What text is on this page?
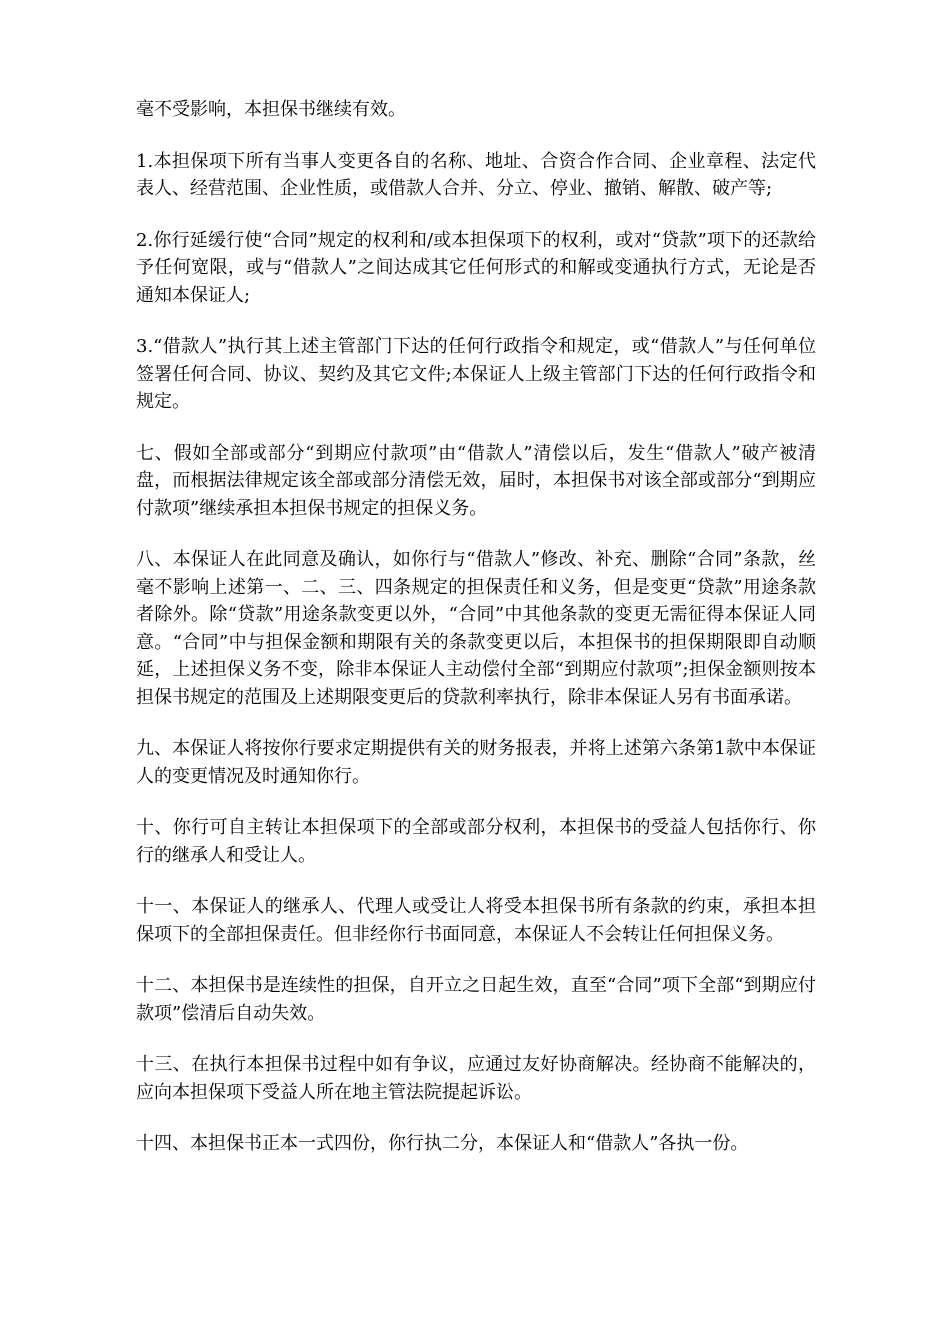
毫不受影响，本担保书继续有效。

1.本担保项下所有当事人变更各自的名称、地址、合资合作合同、企业章程、法定代表人、经营范围、企业性质，或借款人合并、分立、停业、撤销、解散、破产等;

2.你行延缓行使“合同”规定的权利和/或本担保项下的权利，或对“贷款”项下的还款给予任何宽限，或与“借款人”之间达成其它任何形式的和解或变通执行方式，无论是否通知本保证人;

3.“借款人”执行其上述主管部门下达的任何行政指令和规定，或“借款人”与任何单位签署任何合同、协议、契约及其它文件;本保证人上级主管部门下达的任何行政指令和规定。

七、假如全部或部分“到期应付款项”由“借款人”清偿以后，发生“借款人”破产被清盘，而根据法律规定该全部或部分清偿无效，届时，本担保书对该全部或部分“到期应付款项”继续承担本担保书规定的担保义务。

八、本保证人在此同意及确认，如你行与“借款人”修改、补充、删除“合同”条款，丝毫不影响上述第一、二、三、四条规定的担保责任和义务，但是变更“贷款”用途条款者除外。除“贷款”用途条款变更以外，“合同”中其他条款的变更无需征得本保证人同意。“合同”中与担保金额和期限有关的条款变更以后，本担保书的担保期限即自动顺延，上述担保义务不变，除非本保证人主动偿付全部“到期应付款项”;担保金额则按本担保书规定的范围及上述期限变更后的贷款利率执行，除非本保证人另有书面承诺。

九、本保证人将按你行要求定期提供有关的财务报表，并将上述第六条第1款中本保证人的变更情况及时通知你行。

十、你行可自主转让本担保项下的全部或部分权利，本担保书的受益人包括你行、你行的继承人和受让人。

十一、本保证人的继承人、代理人或受让人将受本担保书所有条款的约束，承担本担保项下的全部担保责任。但非经你行书面同意，本保证人不会转让任何担保义务。

十二、本担保书是连续性的担保，自开立之日起生效，直至“合同”项下全部“到期应付款项”偿清后自动失效。

十三、在执行本担保书过程中如有争议，应通过友好协商解决。经协商不能解决的，应向本担保项下受益人所在地主管法院提起诉讼。

十四、本担保书正本一式四份，你行执二分，本保证人和“借款人”各执一份。
